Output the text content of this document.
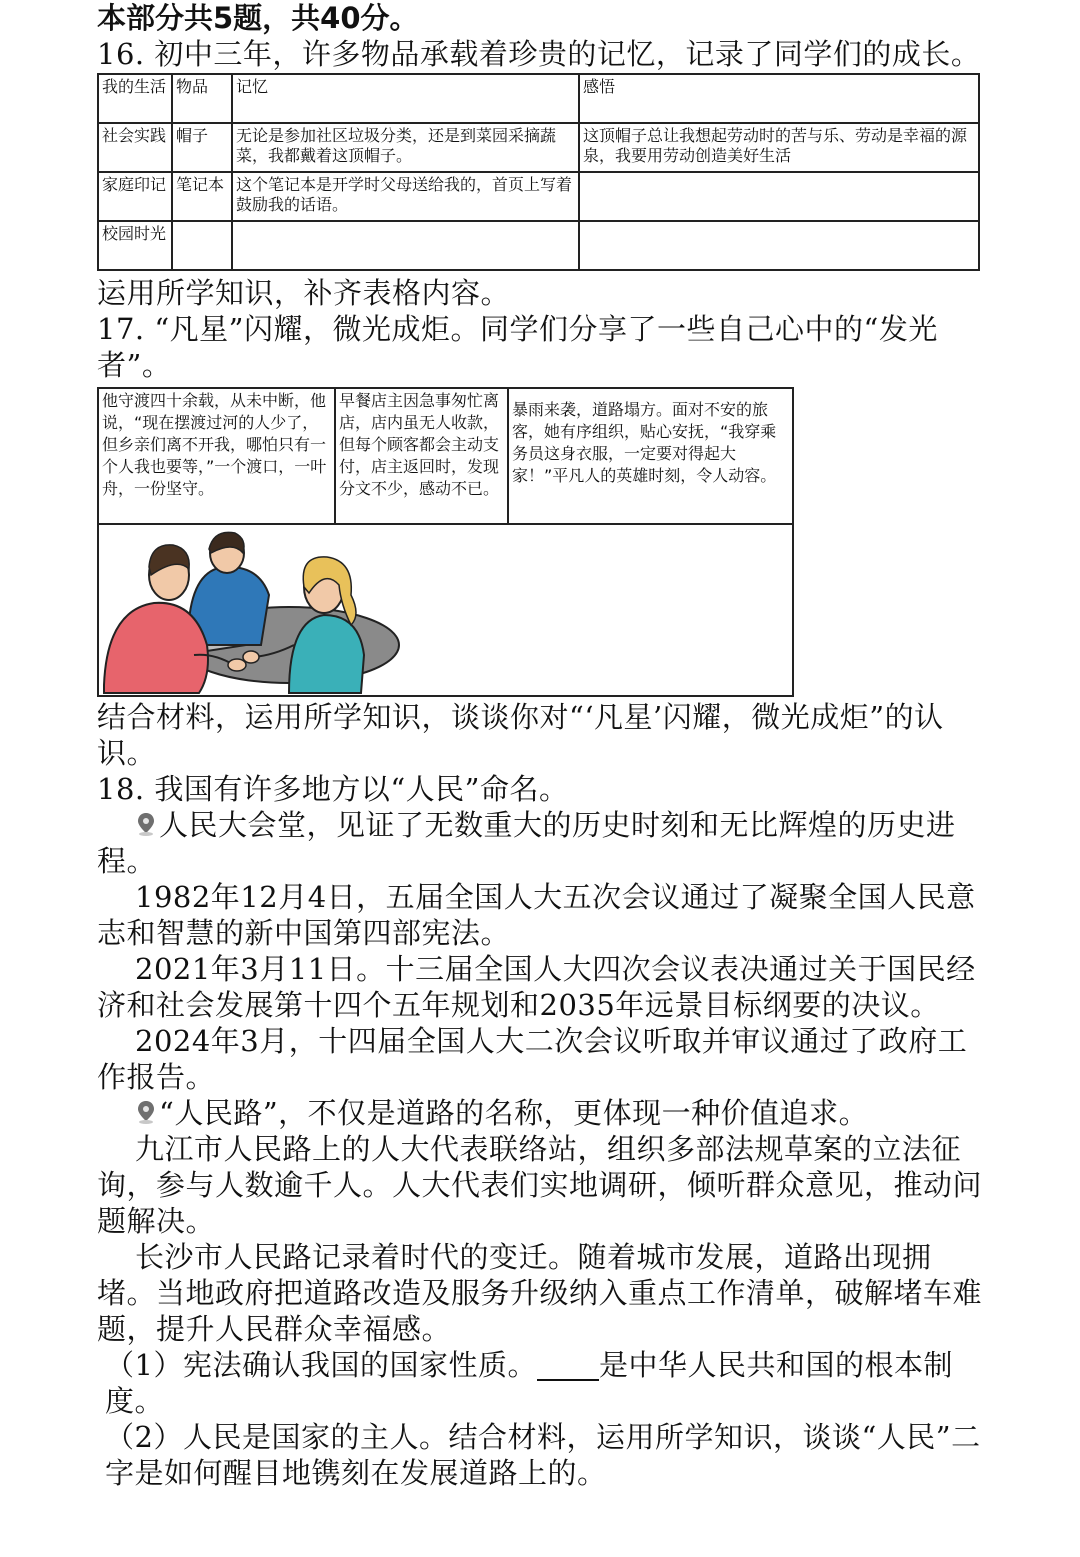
本部分共5题，共40分。
16. 初中三年，许多物品承载着珍贵的记忆，记录了同学们的成长。
我的生活	物品	记忆	感悟
社会实践	帽子	无论是参加社区垃圾分类，还是到菜园采摘蔬菜，我都戴着这顶帽子。	这顶帽子总让我想起劳动时的苦与乐、劳动是幸福的源泉，我要用劳动创造美好生活
家庭印记	笔记本	这个笔记本是开学时父母送给我的，首页上写着鼓励我的话语。	
校园时光			
运用所学知识，补齐表格内容。
17. “凡星”闪耀，微光成炬。同学们分享了一些自己心中的“发光者”。
他守渡四十余载，从未中断，他说，“现在摆渡过河的人少了，但乡亲们离不开我，哪怕只有一个人我也要等，”一个渡口，一叶舟，一份坚守。
早餐店主因急事匆忙离店，店内虽无人收款，但每个顾客都会主动支付，店主返回时，发现分文不少，感动不已。
暴雨来袭，道路塌方。面对不安的旅客，她有序组织，贴心安抚，“我穿乘务员这身衣服，一定要对得起大家！”平凡人的英雄时刻，令人动容。
结合材料，运用所学知识，谈谈你对“‘凡星’闪耀，微光成炬”的认识。
18. 我国有许多地方以“人民”命名。
人民大会堂，见证了无数重大的历史时刻和无比辉煌的历史进程。
1982年12月4日，五届全国人大五次会议通过了凝聚全国人民意志和智慧的新中国第四部宪法。
2021年3月11日。十三届全国人大四次会议表决通过关于国民经济和社会发展第十四个五年规划和2035年远景目标纲要的决议。
2024年3月，十四届全国人大二次会议听取并审议通过了政府工作报告。
“人民路”，不仅是道路的名称，更体现一种价值追求。
九江市人民路上的人大代表联络站，组织多部法规草案的立法征询，参与人数逾千人。人大代表们实地调研，倾听群众意见，推动问题解决。
长沙市人民路记录着时代的变迁。随着城市发展，道路出现拥堵。当地政府把道路改造及服务升级纳入重点工作清单，破解堵车难题，提升人民群众幸福感。
（1）宪法确认我国的国家性质。 是中华人民共和国的根本制度。
（2）人民是国家的主人。结合材料，运用所学知识，谈谈“人民”二字是如何醒目地镌刻在发展道路上的。
